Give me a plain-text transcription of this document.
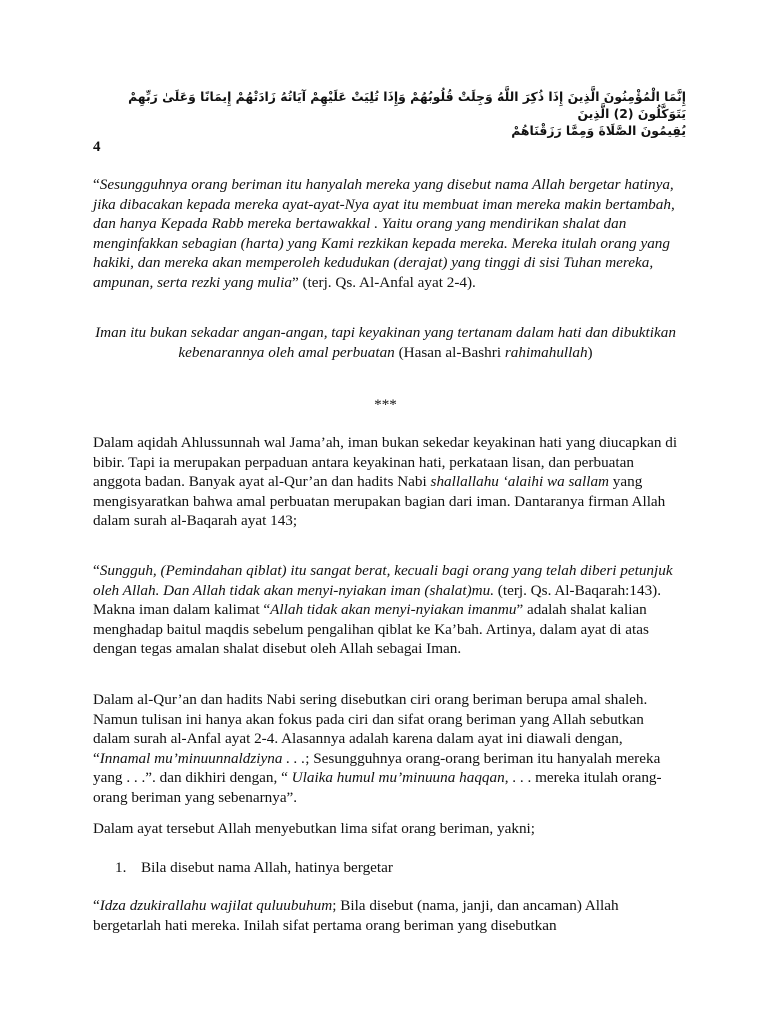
إِنَّمَا الْمُؤْمِنُونَ الَّذِينَ إِذَا ذُكِرَ اللَّهُ وَجِلَتْ قُلُوبُهُمْ وَإِذَا تُلِيَتْ عَلَيْهِمْ آيَاتُهُ زَادَتْهُمْ إِيمَانًا وَعَلَىٰ رَبِّهِمْ يَتَوَكَّلُونَ (2) الَّذِينَ
يُقِيمُونَ الصَّلَاةَ وَمِمَّا رَزَقْنَاهُمْ

4

“Sesungguhnya orang beriman itu hanyalah mereka yang disebut nama Allah bergetar hatinya, jika dibacakan kepada mereka ayat-ayat-Nya ayat itu membuat iman mereka makin bertambah, dan hanya Kepada Rabb mereka bertawakkal . Yaitu orang yang mendirikan shalat dan menginfakkan sebagian (harta) yang Kami rezkikan kepada mereka. Mereka itulah orang yang hakiki, dan mereka akan memperoleh kedudukan (derajat) yang tinggi di sisi Tuhan mereka, ampunan, serta rezki yang mulia” (terj. Qs. Al-Anfal ayat 2-4).

Iman itu bukan sekadar angan-angan, tapi keyakinan yang tertanam dalam hati dan dibuktikan kebenarannya oleh amal perbuatan (Hasan al-Bashri rahimahullah)

***

Dalam aqidah Ahlussunnah wal Jama’ah, iman bukan sekedar keyakinan hati yang diucapkan di bibir. Tapi ia merupakan perpaduan antara keyakinan hati, perkataan lisan, dan perbuatan anggota badan. Banyak ayat al-Qur’an dan hadits Nabi shallallahu ‘alaihi wa sallam yang mengisyaratkan bahwa amal perbuatan merupakan bagian dari iman. Dantaranya firman Allah dalam surah al-Baqarah ayat 143;

“Sungguh, (Pemindahan qiblat) itu sangat berat, kecuali bagi orang yang telah diberi petunjuk oleh Allah. Dan Allah tidak akan menyi-nyiakan iman (shalat)mu. (terj. Qs. Al-Baqarah:143). Makna iman dalam kalimat “Allah tidak akan menyi-nyiakan imanmu” adalah shalat kalian menghadap baitul maqdis sebelum pengalihan qiblat ke Ka’bah. Artinya, dalam ayat di atas dengan tegas amalan shalat disebut oleh Allah sebagai Iman.

Dalam al-Qur’an dan hadits Nabi sering disebutkan ciri orang beriman berupa amal shaleh. Namun tulisan ini hanya akan fokus pada ciri dan sifat orang beriman yang Allah sebutkan dalam surah al-Anfal ayat 2-4. Alasannya adalah karena dalam ayat ini diawali dengan, “Innamal mu’minuunnaldziyna . . .; Sesungguhnya orang-orang beriman itu hanyalah mereka yang . . .”. dan dikhiri dengan, “ Ulaika humul mu’minuuna haqqan, . . . mereka itulah orang-orang beriman yang sebenarnya”.

Dalam ayat tersebut Allah menyebutkan lima sifat orang beriman, yakni;

1. Bila disebut nama Allah, hatinya bergetar

“Idza dzukirallahu wajilat quluubuhum; Bila disebut (nama, janji, dan ancaman) Allah bergetarlah hati mereka. Inilah sifat pertama orang beriman yang disebutkan
